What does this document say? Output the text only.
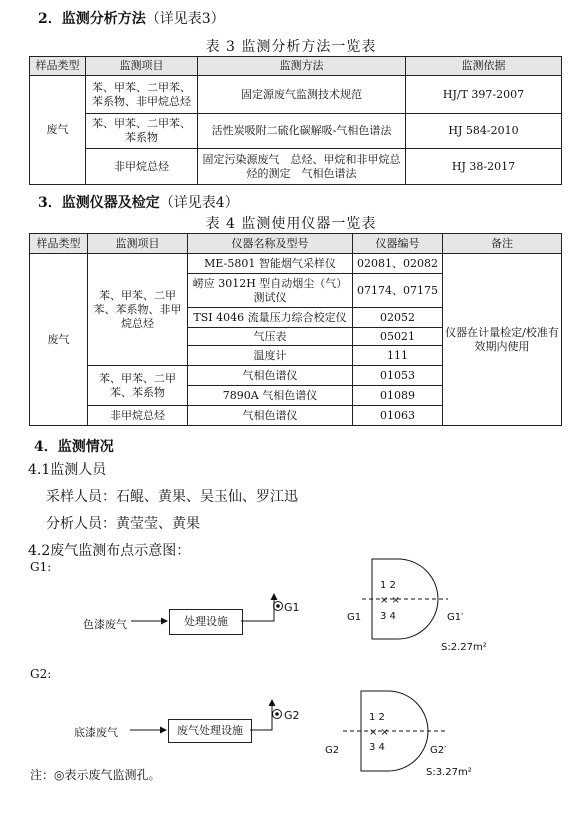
2．监测分析方法（详见表3）
表 3 监测分析方法一览表
样品类型	监测项目	监测方法	监测依据
废气	苯、甲苯、二甲苯、苯系物、非甲烷总烃	固定源废气监测技术规范	HJ/T 397-2007
	苯、甲苯、二甲苯、苯系物	活性炭吸附二硫化碳解吸-气相色谱法	HJ 584-2010
	非甲烷总烃	固定污染源废气　总烃、甲烷和非甲烷总烃的测定　气相色谱法	HJ 38-2017
3．监测仪器及检定（详见表4）
表 4 监测使用仪器一览表
样品类型	监测项目	仪器名称及型号	仪器编号	备注
废气	苯、甲苯、二甲苯、苯系物、非甲烷总烃	ME-5801 智能烟气采样仪	02081、02082	仪器在计量检定/校准有效期内使用
		崂应 3012H 型自动烟尘（气）测试仪	07174、07175	
		TSI 4046 流量压力综合校定仪	02052	
		气压表	05021	
		温度计	111	
	苯、甲苯、二甲苯、苯系物	气相色谱仪	01053	
		7890A 气相色谱仪	01089	
	非甲烷总烃	气相色谱仪	01063	
4．监测情况
4.1监测人员
采样人员：石鲲、黄果、吴玉仙、罗江迅
分析人员：黄莹莹、黄果
4.2废气监测布点示意图：
G1:
色漆废气	处理设施
G1
G2:
底漆废气	废气处理设施
G2
注：◎表示废气监测孔。
1 2
3 4
× ×
G1	G1′
S:2.27m²
1 2
3 4
× ×
G2	G2′
S:3.27m²
